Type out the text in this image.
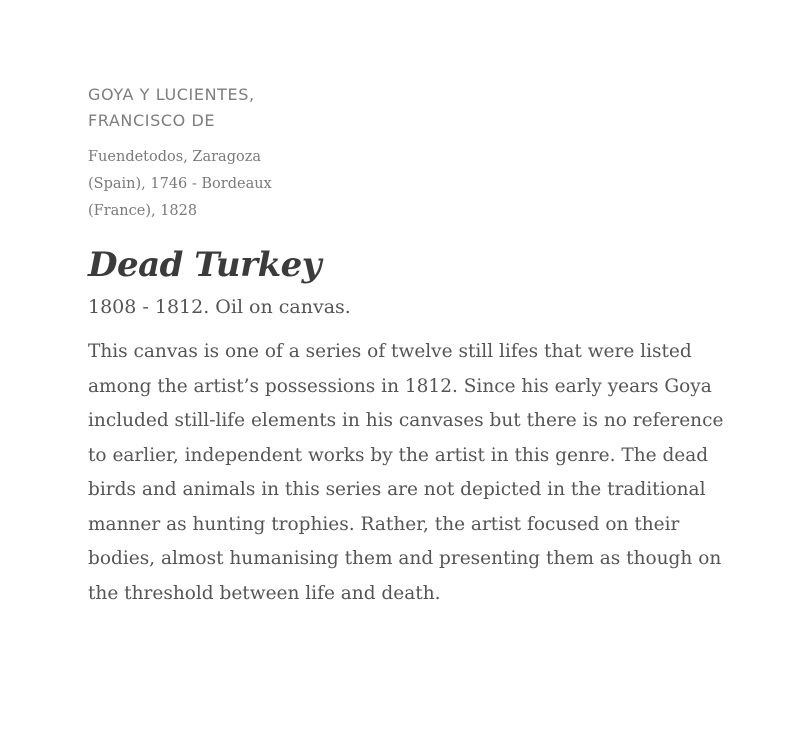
GOYA Y LUCIENTES, FRANCISCO DE

Fuendetodos, Zaragoza (Spain), 1746 - Bordeaux (France), 1828

Dead Turkey

1808 - 1812. Oil on canvas.

This canvas is one of a series of twelve still lifes that were listed among the artist’s possessions in 1812. Since his early years Goya included still-life elements in his canvases but there is no reference to earlier, independent works by the artist in this genre. The dead birds and animals in this series are not depicted in the traditional manner as hunting trophies. Rather, the artist focused on their bodies, almost humanising them and presenting them as though on the threshold between life and death.
